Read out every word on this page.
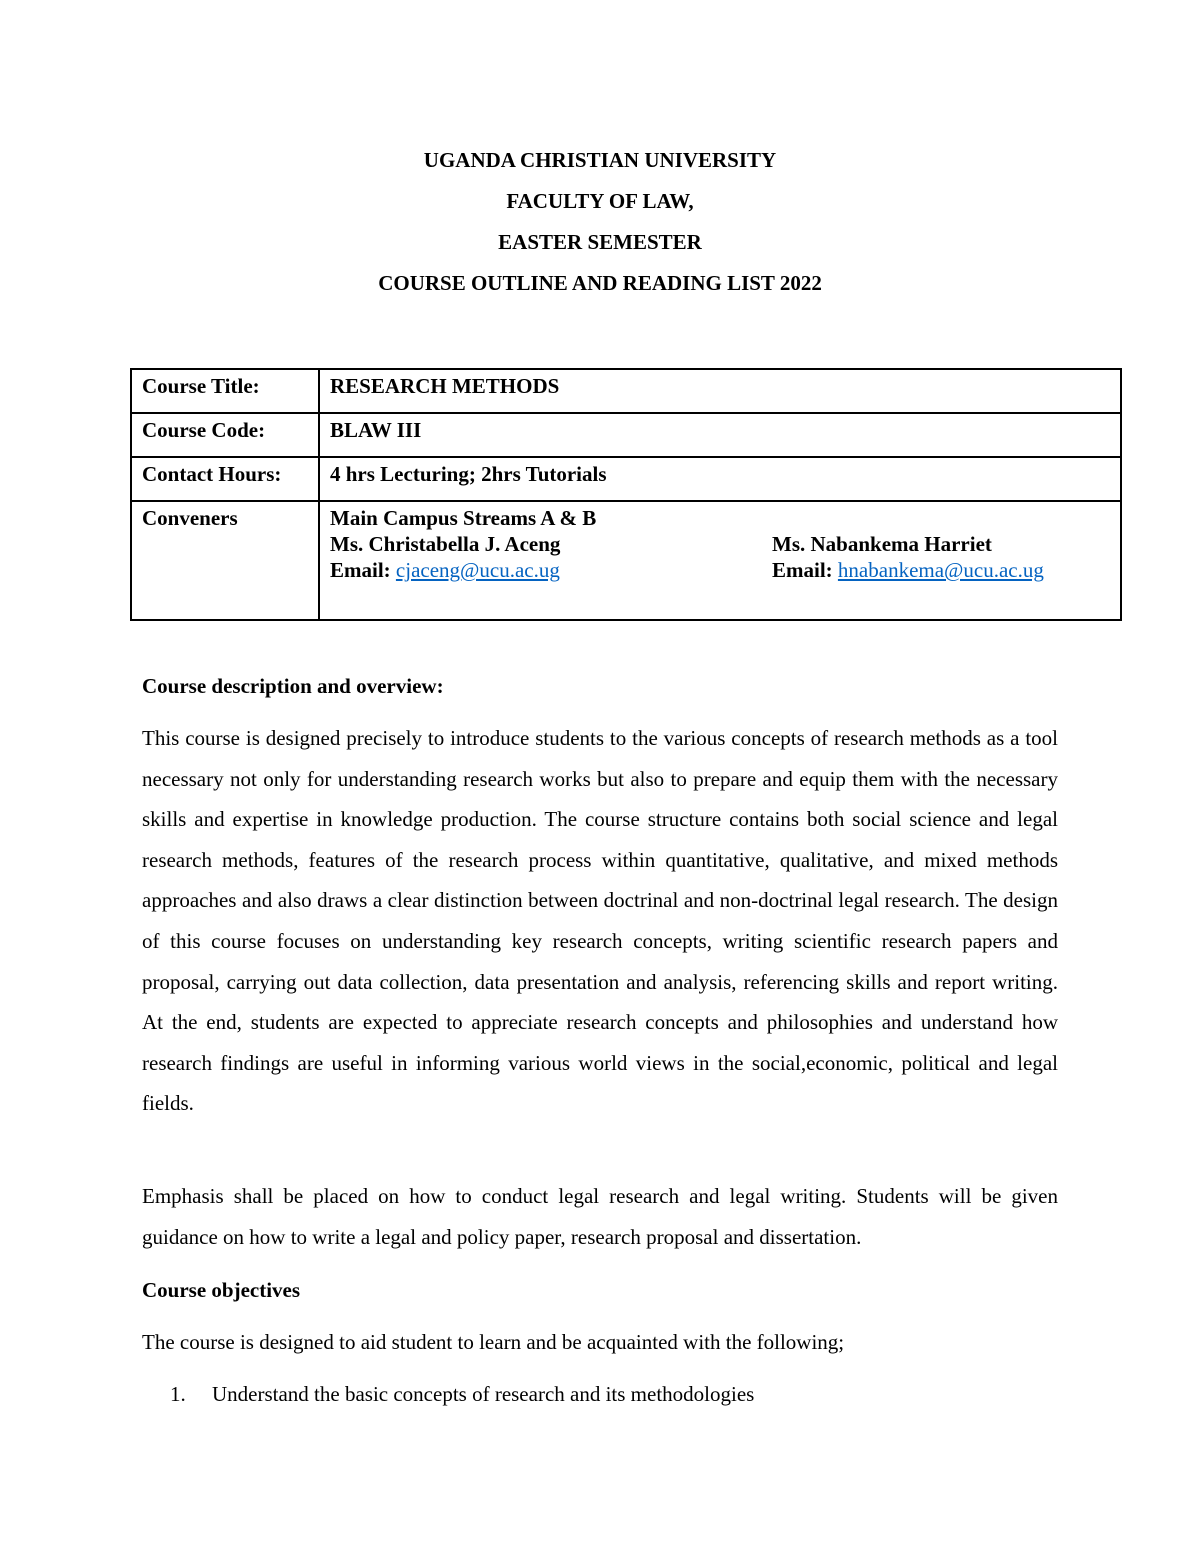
UGANDA CHRISTIAN UNIVERSITY

FACULTY OF LAW,

EASTER SEMESTER

COURSE OUTLINE AND READING LIST 2022

Course Title:	RESEARCH METHODS
Course Code:	BLAW III
Contact Hours:	4 hrs Lecturing; 2hrs Tutorials
Conveners	Main Campus Streams A & B
Ms. Christabella J. Aceng
Email: cjaceng@ucu.ac.ug
Ms. Nabankema Harriet
Email: hnabankema@ucu.ac.ug

Course description and overview:

This course is designed precisely to introduce students to the various concepts of research methods as a tool necessary not only for understanding research works but also to prepare and equip them with the necessary skills and expertise in knowledge production. The course structure contains both social science and legal research methods, features of the research process within quantitative, qualitative, and mixed methods approaches and also draws a clear distinction between doctrinal and non-doctrinal legal research. The design of this course focuses on understanding key research concepts, writing scientific research papers and proposal, carrying out data collection, data presentation and analysis, referencing skills and report writing. At the end, students are expected to appreciate research concepts and philosophies and understand how research findings are useful in informing various world views in the social,economic, political and legal fields.

Emphasis shall be placed on how to conduct legal research and legal writing. Students will be given guidance on how to write a legal and policy paper, research proposal and dissertation.

Course objectives

The course is designed to aid student to learn and be acquainted with the following;

1. Understand the basic concepts of research and its methodologies
